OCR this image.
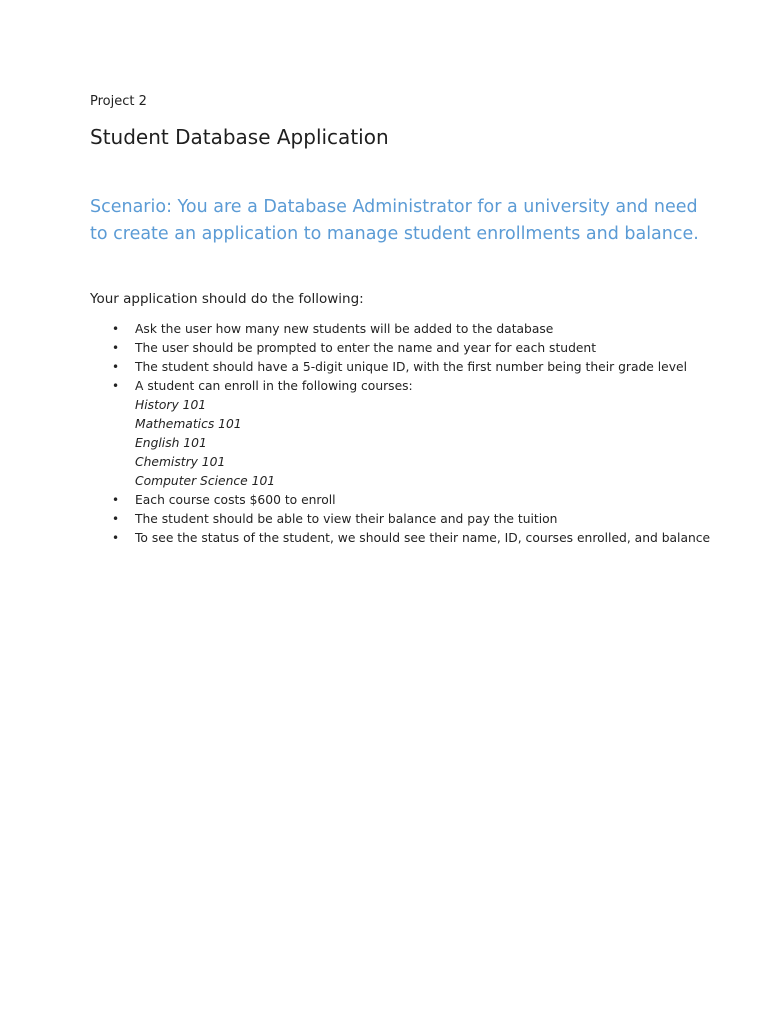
Project 2
Student Database Application

Scenario: You are a Database Administrator for a university and need to create an application to manage student enrollments and balance.

Your application should do the following:
• Ask the user how many new students will be added to the database
• The user should be prompted to enter the name and year for each student
• The student should have a 5-digit unique ID, with the first number being their grade level
• A student can enroll in the following courses:
History 101
Mathematics 101
English 101
Chemistry 101
Computer Science 101
• Each course costs $600 to enroll
• The student should be able to view their balance and pay the tuition
• To see the status of the student, we should see their name, ID, courses enrolled, and balance
